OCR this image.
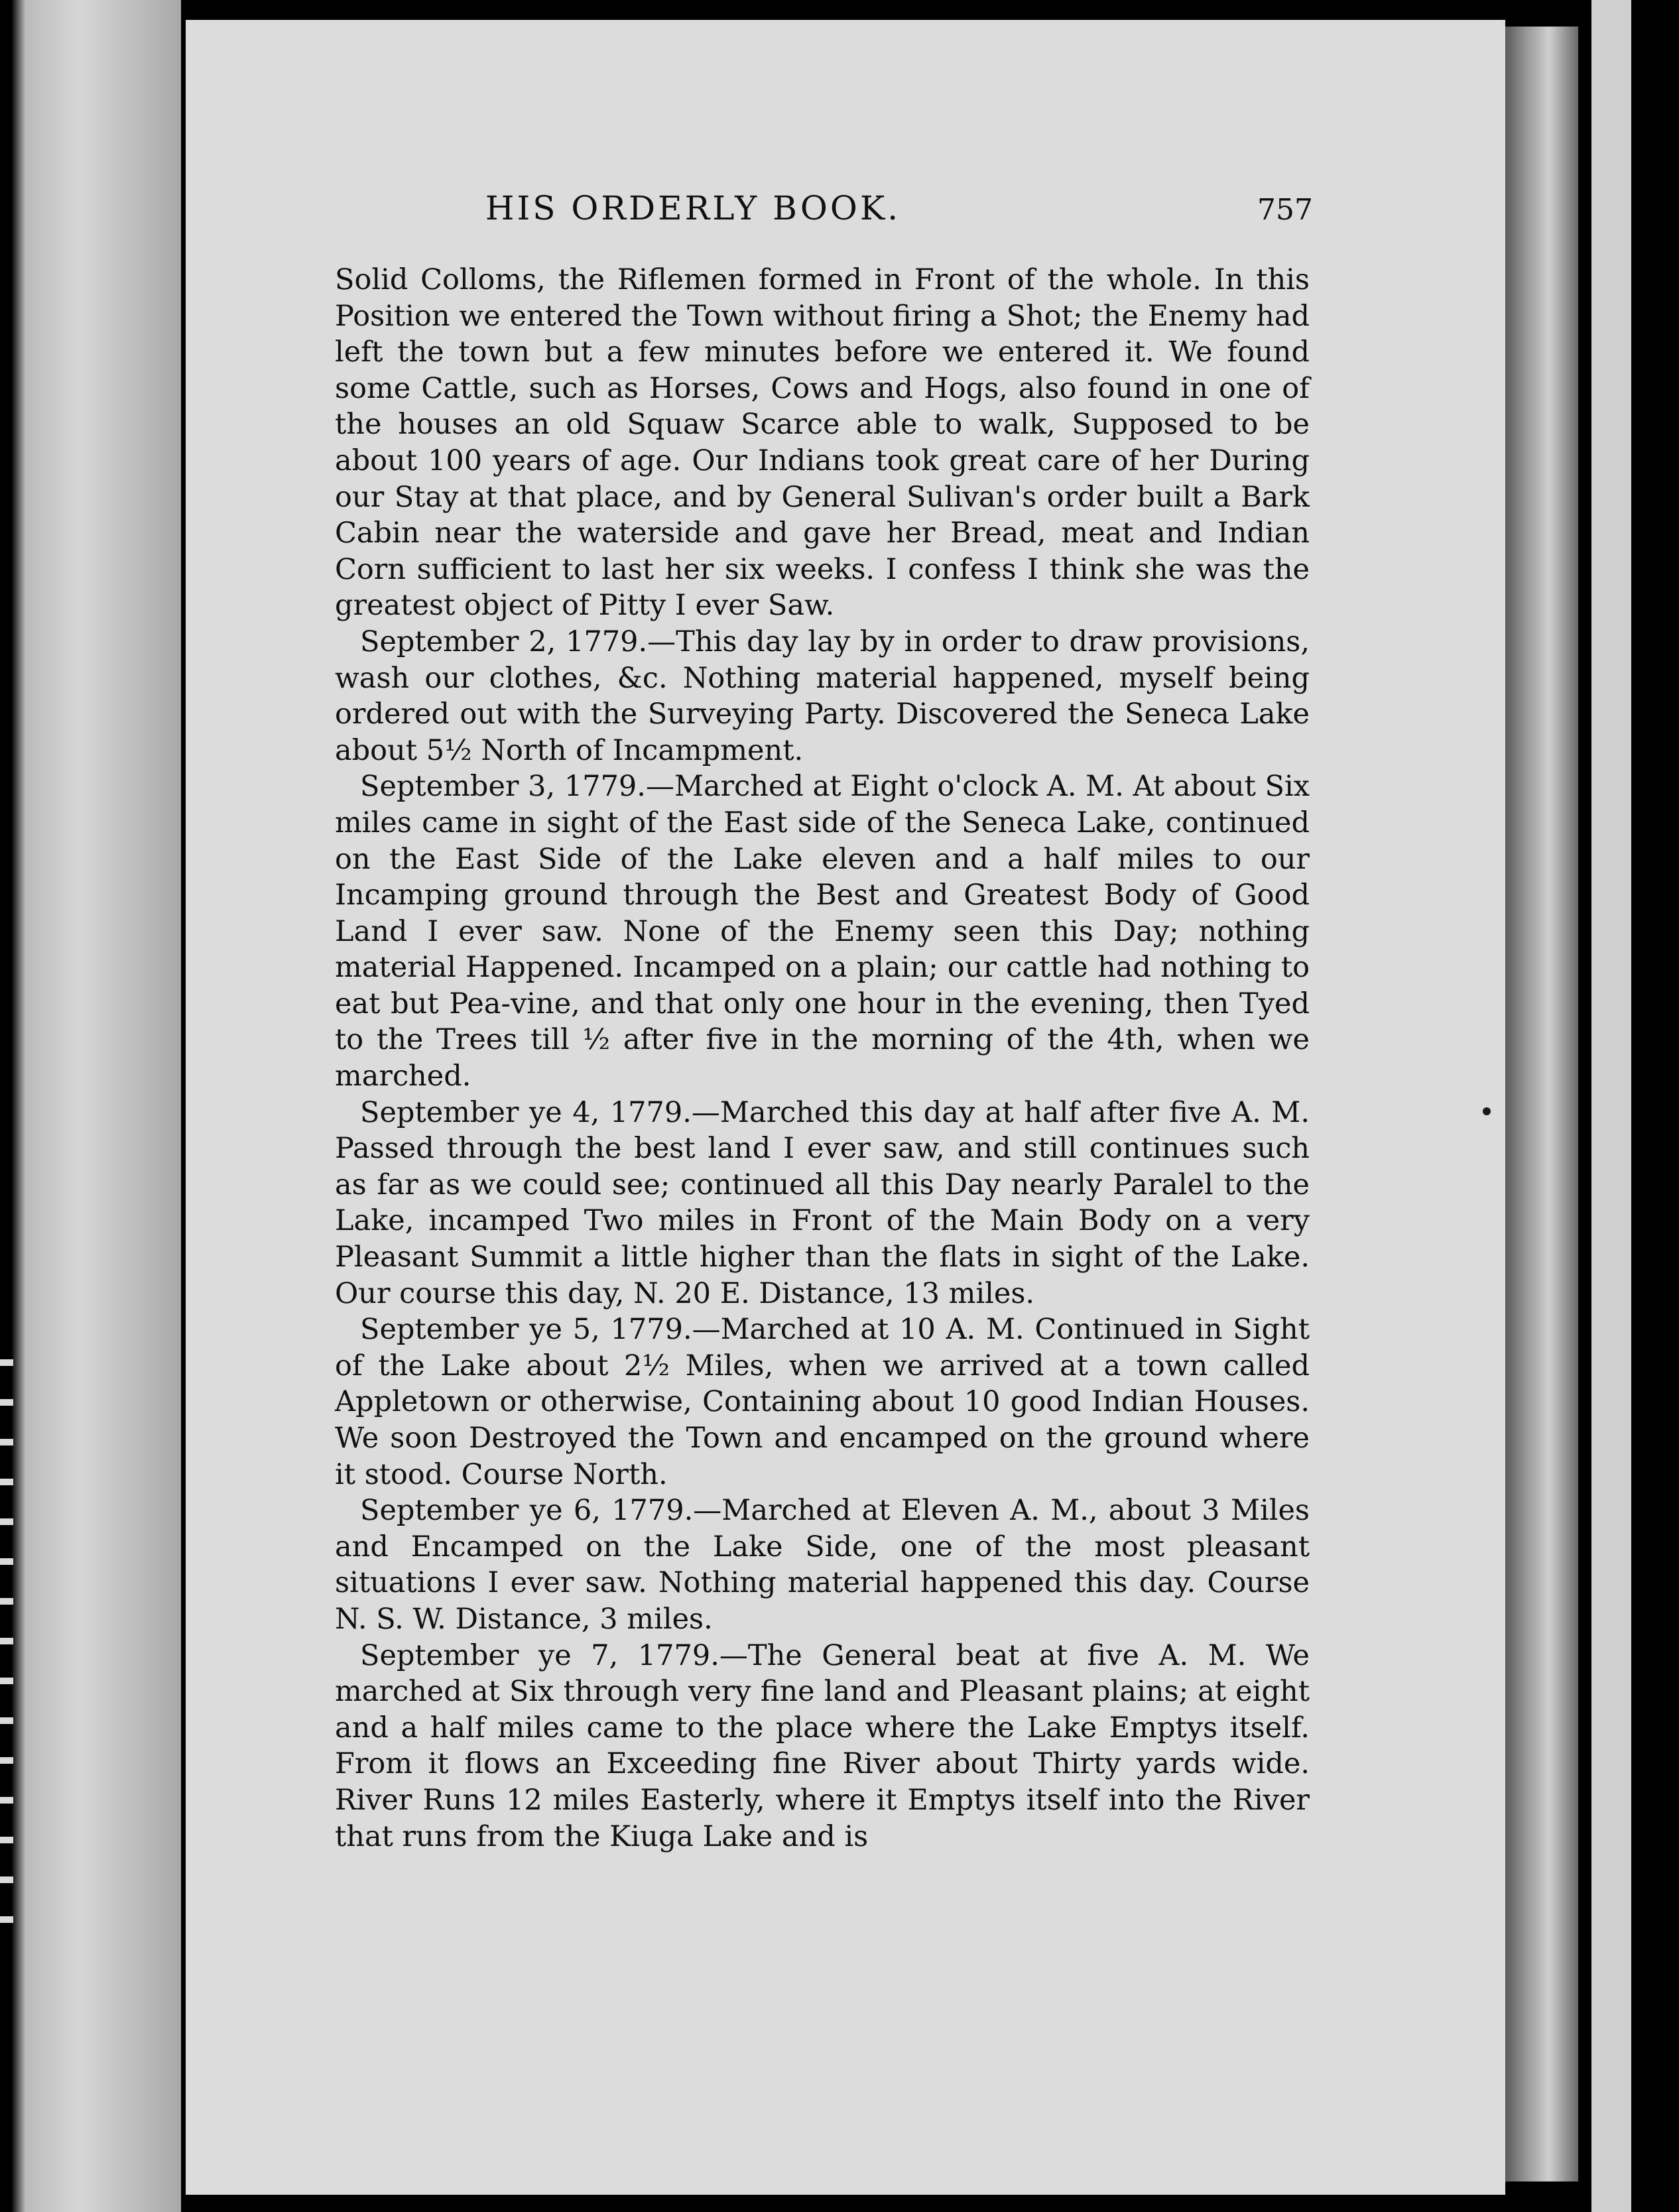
HIS ORDERLY BOOK.	757

Solid Colloms, the Riflemen formed in Front of the whole. In this Position we entered the Town without firing a Shot; the Enemy had left the town but a few minutes before we entered it. We found some Cattle, such as Horses, Cows and Hogs, also found in one of the houses an old Squaw Scarce able to walk, Supposed to be about 100 years of age. Our Indians took great care of her During our Stay at that place, and by General Sulivan's order built a Bark Cabin near the waterside and gave her Bread, meat and Indian Corn sufficient to last her six weeks. I confess I think she was the greatest object of Pitty I ever Saw.

September 2, 1779.—This day lay by in order to draw provisions, wash our clothes, &c. Nothing material happened, myself being ordered out with the Surveying Party. Discovered the Seneca Lake about 5½ North of Incampment.

September 3, 1779.—Marched at Eight o'clock A. M. At about Six miles came in sight of the East side of the Seneca Lake, continued on the East Side of the Lake eleven and a half miles to our Incamping ground through the Best and Greatest Body of Good Land I ever saw. None of the Enemy seen this Day; nothing material Happened. Incamped on a plain; our cattle had nothing to eat but Pea-vine, and that only one hour in the evening, then Tyed to the Trees till ½ after five in the morning of the 4th, when we marched.

September ye 4, 1779.—Marched this day at half after five A. M. Passed through the best land I ever saw, and still continues such as far as we could see; continued all this Day nearly Paralel to the Lake, incamped Two miles in Front of the Main Body on a very Pleasant Summit a little higher than the flats in sight of the Lake. Our course this day, N. 20 E. Distance, 13 miles.

September ye 5, 1779.—Marched at 10 A. M. Continued in Sight of the Lake about 2½ Miles, when we arrived at a town called Appletown or otherwise, Containing about 10 good Indian Houses. We soon Destroyed the Town and encamped on the ground where it stood. Course North.

September ye 6, 1779.—Marched at Eleven A. M., about 3 Miles and Encamped on the Lake Side, one of the most pleasant situations I ever saw. Nothing material happened this day. Course N. S. W. Distance, 3 miles.

September ye 7, 1779.—The General beat at five A. M. We marched at Six through very fine land and Pleasant plains; at eight and a half miles came to the place where the Lake Emptys itself. From it flows an Exceeding fine River about Thirty yards wide. River Runs 12 miles Easterly, where it Emptys itself into the River that runs from the Kiuga Lake and is
